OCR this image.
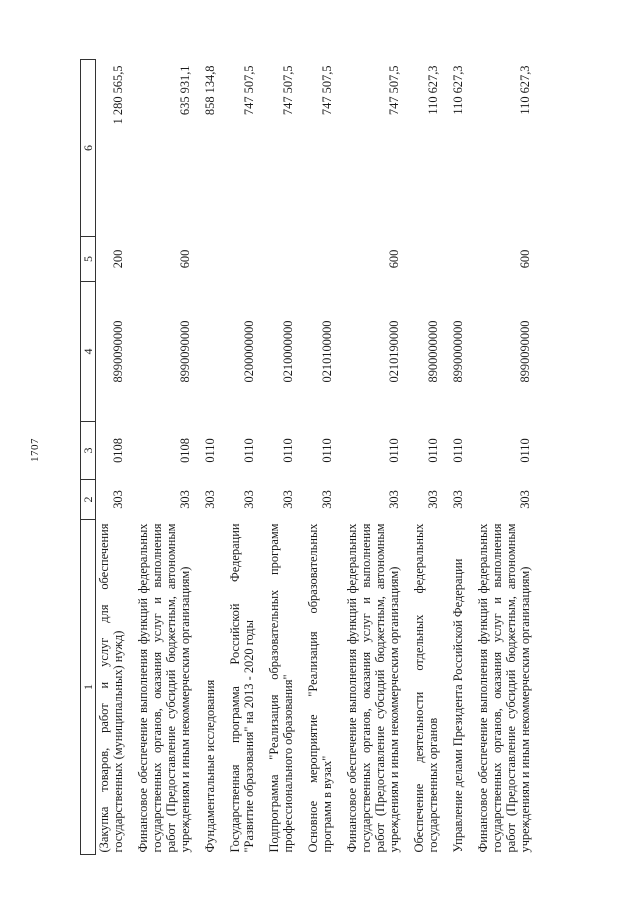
1707
1	2	3	4	5	6
(Закупка товаров, работ и услуг для обеспечения государственных (муниципальных) нужд)	303	0108	8990090000	200	1 280 565,5

Финансовое обеспечение выполнения функций федеральных государственных органов, оказания услуг и выполнения работ (Предоставление субсидий бюджетным, автономным учреждениям и иным некоммерческим организациям)	303	0108	8990090000	600	635 931,1

Фундаментальные исследования	303	0110			858 134,8

Государственная программа Российской Федерации "Развитие образования" на 2013 - 2020 годы	303	0110	0200000000		747 507,5

Подпрограмма "Реализация образовательных программ профессионального образования"	303	0110	0210000000		747 507,5

Основное мероприятие "Реализация образовательных программ в вузах"	303	0110	0210100000		747 507,5

Финансовое обеспечение выполнения функций федеральных государственных органов, оказания услуг и выполнения работ (Предоставление субсидий бюджетным, автономным учреждениям и иным некоммерческим организациям)	303	0110	0210190000	600	747 507,5

Обеспечение деятельности отдельных федеральных государственных органов	303	0110	8900000000		110 627,3

Управление делами Президента Российской Федерации	303	0110	8990000000		110 627,3

Финансовое обеспечение выполнения функций федеральных государственных органов, оказания услуг и выполнения работ (Предоставление субсидий бюджетным, автономным учреждениям и иным некоммерческим организациям)	303	0110	8990090000	600	110 627,3
